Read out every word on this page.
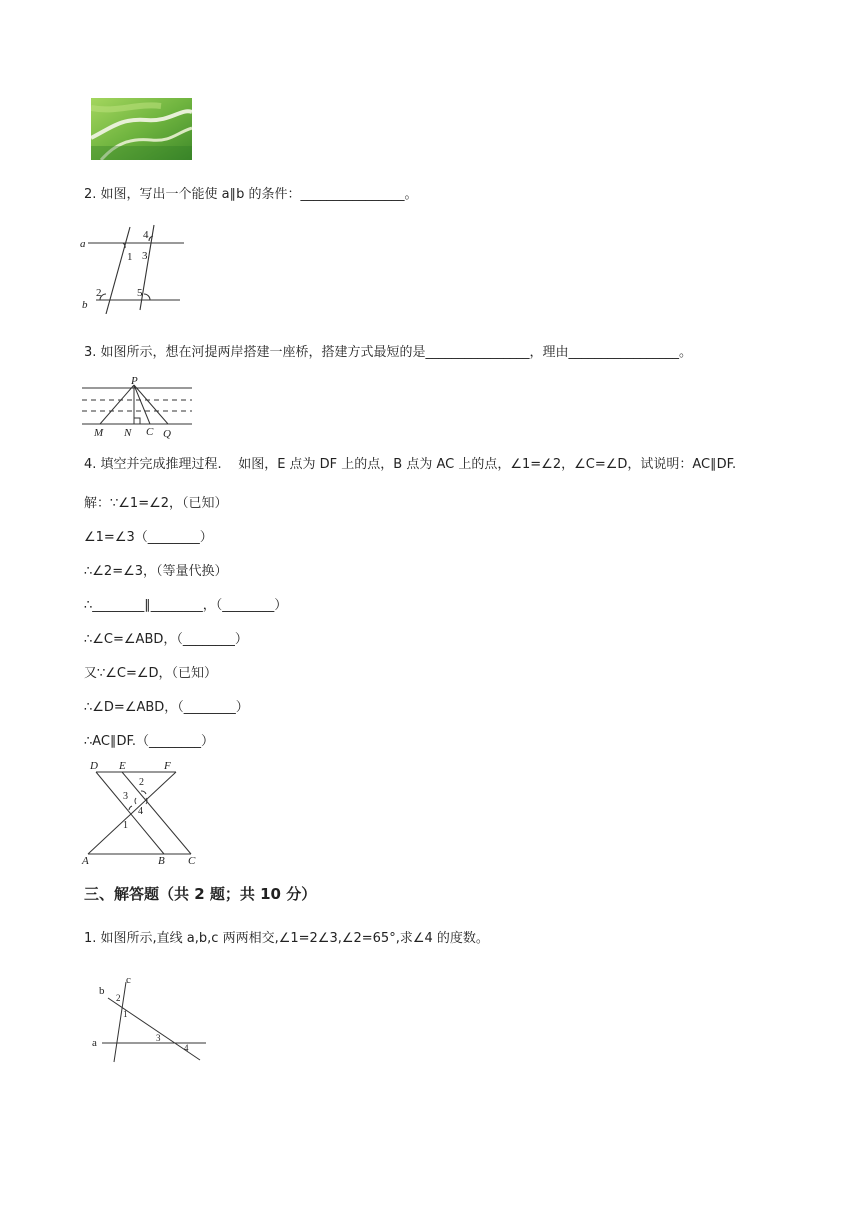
2. 如图，写出一个能使 a∥b 的条件：________________。
a
b
1
2
3
4
5
3. 如图所示，想在河提两岸搭建一座桥，搭建方式最短的是________________，理由_________________。
P
M N C Q
4. 填空并完成推理过程.    如图，E 点为 DF 上的点，B 点为 AC 上的点，∠1=∠2，∠C=∠D，试说明：AC∥DF.
解：∵∠1=∠2，（已知）
∠1=∠3（________）
∴∠2=∠3，（等量代换）
∴________∥________，（________）
∴∠C=∠ABD，（________）
又∵∠C=∠D，（已知）
∴∠D=∠ABD，（________）
∴AC∥DF.（________）
D E	F
A	B C
1
2
3
4
三、解答题（共 2 题；共 10 分）
1. 如图所示,直线 a,b,c 两两相交,∠1=2∠3,∠2=65°,求∠4 的度数。
a
b
c
1
2
3
4
